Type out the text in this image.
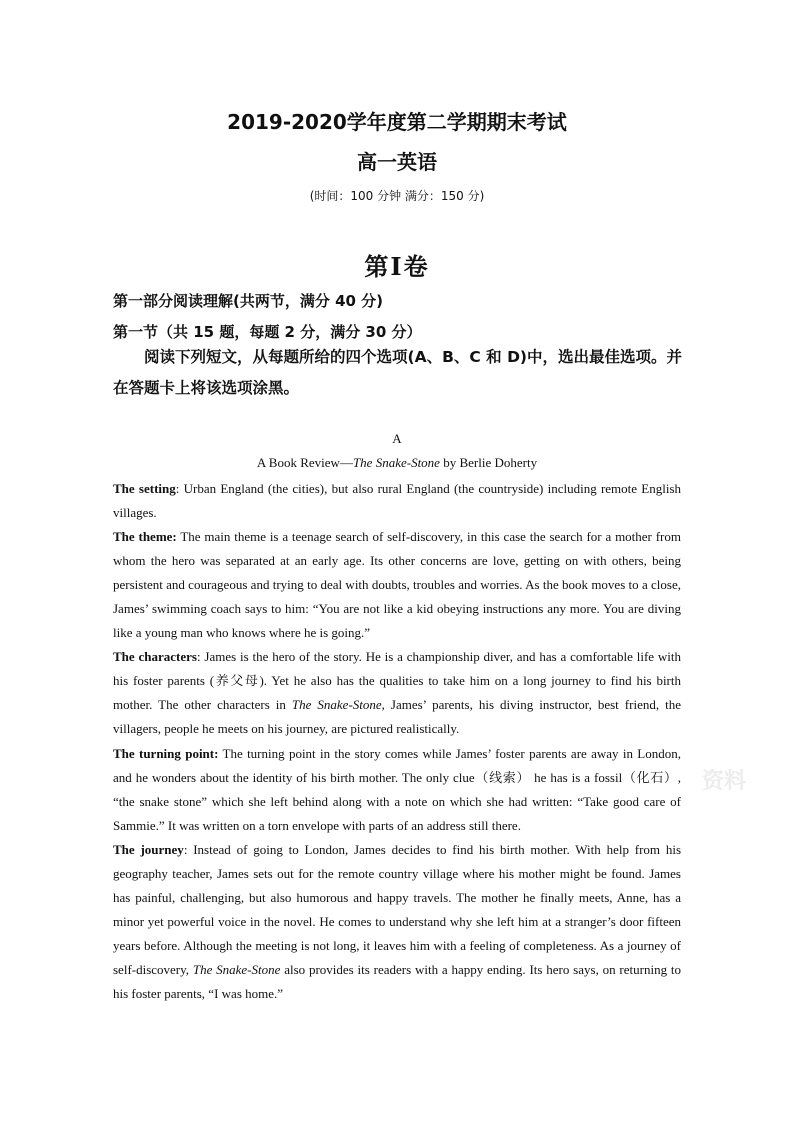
2019-2020学年度第二学期期末考试
高一英语
(时间：100 分钟 满分：150 分)
第Ⅰ卷
第一部分阅读理解(共两节，满分 40 分)
第一节（共 15 题，每题 2 分，满分 30 分）
阅读下列短文，从每题所给的四个选项(A、B、C 和 D)中，选出最佳选项。并在答题卡上将该选项涂黑。
A
A Book Review—The Snake-Stone by Berlie Doherty

The setting: Urban England (the cities), but also rural England (the countryside) including remote English villages.

The theme: The main theme is a teenage search of self-discovery, in this case the search for a mother from whom the hero was separated at an early age. Its other concerns are love, getting on with others, being persistent and courageous and trying to deal with doubts, troubles and worries. As the book moves to a close, James’ swimming coach says to him: “You are not like a kid obeying instructions any more. You are diving like a young man who knows where he is going.”

The characters: James is the hero of the story. He is a championship diver, and has a comfortable life with his foster parents (养父母). Yet he also has the qualities to take him on a long journey to find his birth mother. The other characters in The Snake-Stone, James’ parents, his diving instructor, best friend, the villagers, people he meets on his journey, are pictured realistically.

The turning point: The turning point in the story comes while James’ foster parents are away in London, and he wonders about the identity of his birth mother. The only clue（线索） he has is a fossil（化石）, “the snake stone” which she left behind along with a note on which she had written: “Take good care of Sammie.” It was written on a torn envelope with parts of an address still there.

The journey: Instead of going to London, James decides to find his birth mother. With help from his geography teacher, James sets out for the remote country village where his mother might be found. James has painful, challenging, but also humorous and happy travels. The mother he finally meets, Anne, has a minor yet powerful voice in the novel. He comes to understand why she left him at a stranger’s door fifteen years before. Although the meeting is not long, it leaves him with a feeling of completeness. As a journey of self-discovery, The Snake-Stone also provides its readers with a happy ending. Its hero says, on returning to his foster parents, “I was home.”

资料
